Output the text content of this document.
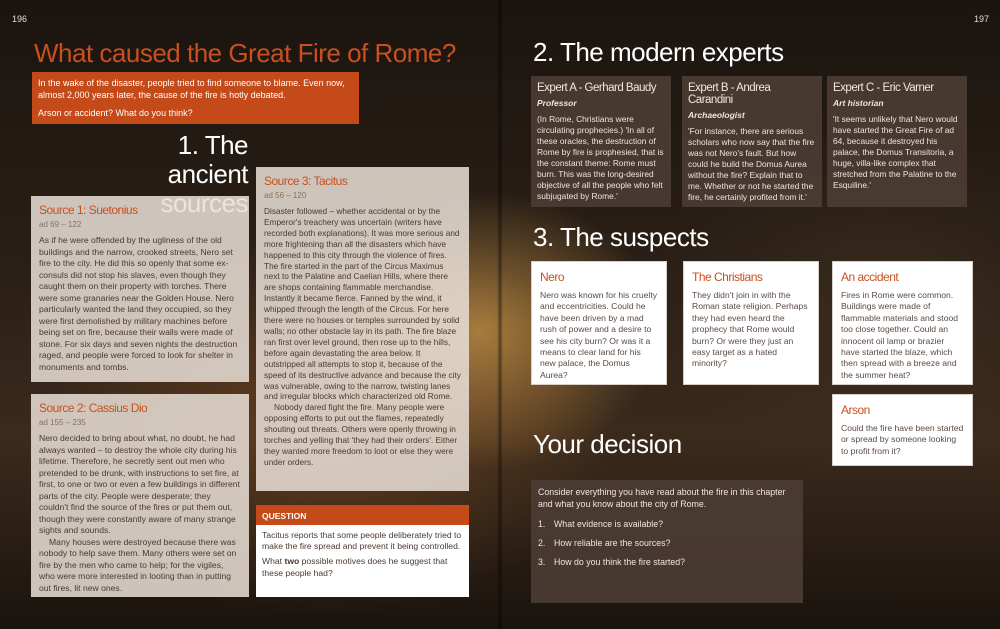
196	197
What caused the Great Fire of Rome?

In the wake of the disaster, people tried to find someone to blame. Even now, almost 2,000 years later, the cause of the fire is hotly debated.

Arson or accident? What do you think?

1. The ancient
Source 1: Suetonius
ad 69 – 122
As if he were offended by the ugliness of the old buildings and the narrow, crooked streets, Nero set fire to the city. He did this so openly that some ex-consuls did not stop his slaves, even though they caught them on their property with torches. There were some granaries near the Golden House. Nero particularly wanted the land they occupied, so they were first demolished by military machines before being set on fire, because their walls were made of stone. For six days and seven nights the destruction raged, and people were forced to look for shelter in monuments and tombs.
Source 2: Cassius Dio
ad 155 – 235
Nero decided to bring about what, no doubt, he had always wanted – to destroy the whole city during his lifetime. Therefore, he secretly sent out men who pretended to be drunk, with instructions to set fire, at first, to one or two or even a few buildings in different parts of the city. People were desperate; they couldn't find the source of the fires or put them out, though they were constantly aware of many strange sights and sounds.
Many houses were destroyed because there was nobody to help save them. Many others were set on fire by the men who came to help; for the vigiles, who were more interested in looting than in putting out fires, lit new ones.
Source 3: Tacitus
ad 56 – 120
Disaster followed – whether accidental or by the Emperor's treachery was uncertain (writers have recorded both explanations). It was more serious and more frightening than all the disasters which have happened to this city through the violence of fires. The fire started in the part of the Circus Maximus next to the Palatine and Caelian Hills, where there are shops containing flammable merchandise. Instantly it became fierce. Fanned by the wind, it whipped through the length of the Circus. For here there were no houses or temples surrounded by solid walls; no other obstacle lay in its path. The fire blaze ran first over level ground, then rose up to the hills, before again devastating the area below. It outstripped all attempts to stop it, because of the speed of its destructive advance and because the city was vulnerable, owing to the narrow, twisting lanes and irregular blocks which characterized old Rome.
Nobody dared fight the fire. Many people were opposing efforts to put out the flames, repeatedly shouting out threats. Others were openly throwing in torches and yelling that 'they had their orders'. Either they wanted more freedom to loot or else they were under orders.
QUESTION

Tacitus reports that some people deliberately tried to make the fire spread and prevent it being controlled.

What two possible motives does he suggest that these people had?

2. The modern experts
Expert A - Gerhard Baudy
Professor
(In Rome, Christians were circulating prophecies.) 'In all of these oracles, the destruction of Rome by fire is prophesied, that is the constant theme: Rome must burn. This was the long-desired objective of all the people who felt subjugated by Rome.'
Expert B - Andrea Carandini
Archaeologist
'For instance, there are serious scholars who now say that the fire was not Nero's fault. But how could he build the Domus Aurea without the fire? Explain that to me. Whether or not he started the fire, he certainly profited from it.'
Expert C - Eric Varner
Art historian
'It seems unlikely that Nero would have started the Great Fire of ad 64, because it destroyed his palace, the Domus Transitoria, a huge, villa-like complex that stretched from the Palatine to the Esquiline.'
3. The suspects
Nero
Nero was known for his cruelty and eccentricities. Could he have been driven by a mad rush of power and a desire to see his city burn? Or was it a means to clear land for his new palace, the Domus Aurea?
The Christians
They didn't join in with the Roman state religion. Perhaps they had even heard the prophecy that Rome would burn? Or were they just an easy target as a hated minority?
An accident
Fires in Rome were common. Buildings were made of flammable materials and stood too close together. Could an innocent oil lamp or brazier have started the blaze, which then spread with a breeze and the summer heat?
Arson
Could the fire have been started or spread by someone looking to profit from it?
Your decision
Consider everything you have read about the fire in this chapter and what you know about the city of Rome.
1. What evidence is available?
2. How reliable are the sources?
3. How do you think the fire started?
